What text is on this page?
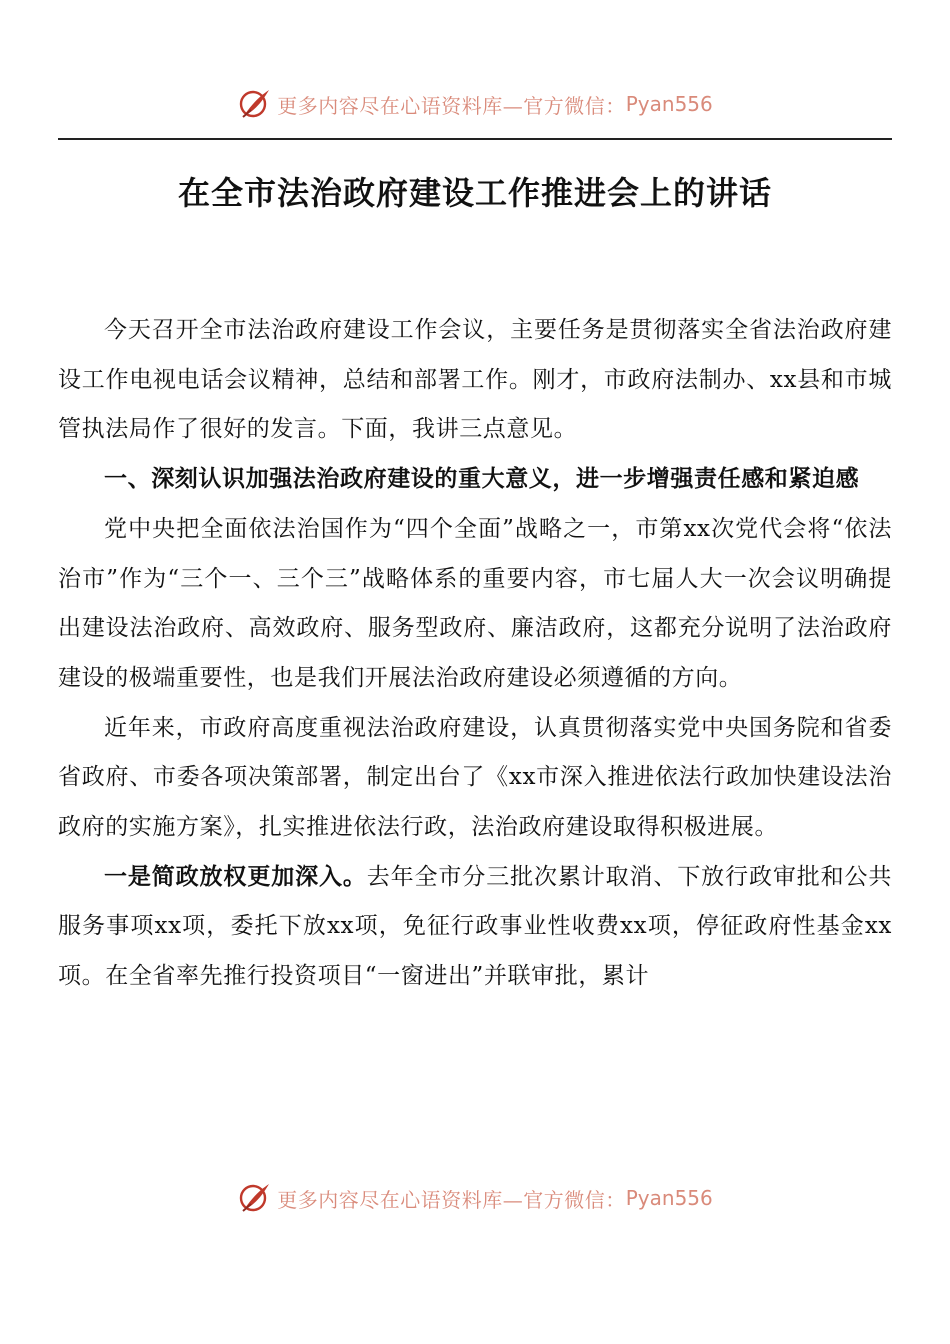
更多内容尽在心语资料库—官方微信： Pyan556
在全市法治政府建设工作推进会上的讲话

今天召开全市法治政府建设工作会议，主要任务是贯彻落实全省法治政府建设工作电视电话会议精神，总结和部署工作。刚才，市政府法制办、xx县和市城管执法局作了很好的发言。下面，我讲三点意见。

一、深刻认识加强法治政府建设的重大意义，进一步增强责任感和紧迫感

党中央把全面依法治国作为“四个全面”战略之一，市第xx次党代会将“依法治市”作为“三个一、三个三”战略体系的重要内容，市七届人大一次会议明确提出建设法治政府、高效政府、服务型政府、廉洁政府，这都充分说明了法治政府建设的极端重要性，也是我们开展法治政府建设必须遵循的方向。

近年来，市政府高度重视法治政府建设，认真贯彻落实党中央国务院和省委省政府、市委各项决策部署，制定出台了《xx市深入推进依法行政加快建设法治政府的实施方案》，扎实推进依法行政，法治政府建设取得积极进展。

一是简政放权更加深入。去年全市分三批次累计取消、下放行政审批和公共服务事项xx项，委托下放xx项，免征行政事业性收费xx项，停征政府性基金xx项。在全省率先推行投资项目“一窗进出”并联审批，累计

更多内容尽在心语资料库—官方微信： Pyan556
